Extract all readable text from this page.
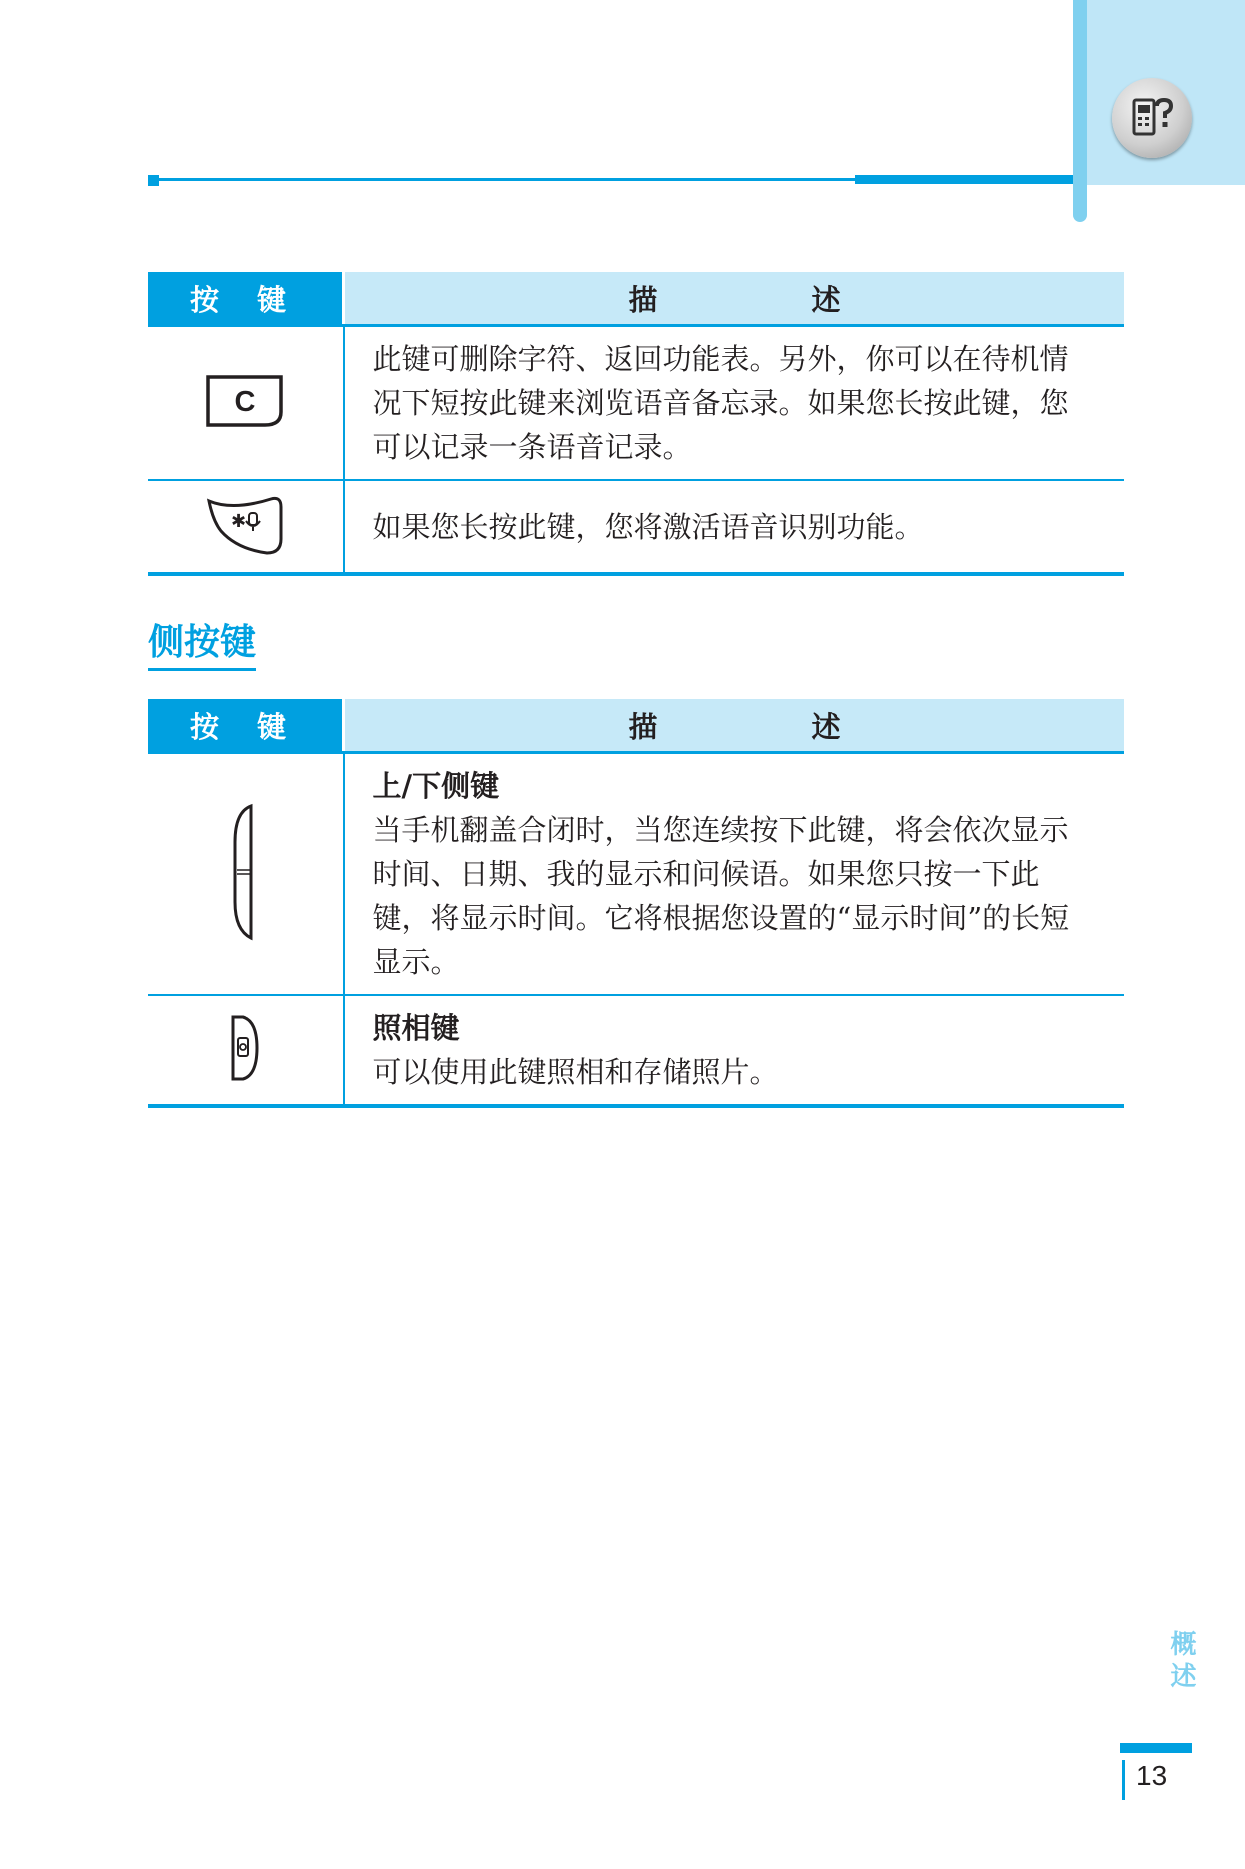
按 键	描 述

C	此键可删除字符、返回功能表。另外，你可以在待机情况下短按此键来浏览语音备忘录。如果您长按此键，您可以记录一条语音记录。

✱	如果您长按此键，您将激活语音识别功能。
侧按键
按 键	描 述

上/下侧键
当手机翻盖合闭时，当您连续按下此键，将会依次显示时间、日期、我的显示和问候语。如果您只按一下此键，将显示时间。它将根据您设置的“显示时间”的长短显示。

照相键
可以使用此键照相和存储照片。
概述
13
